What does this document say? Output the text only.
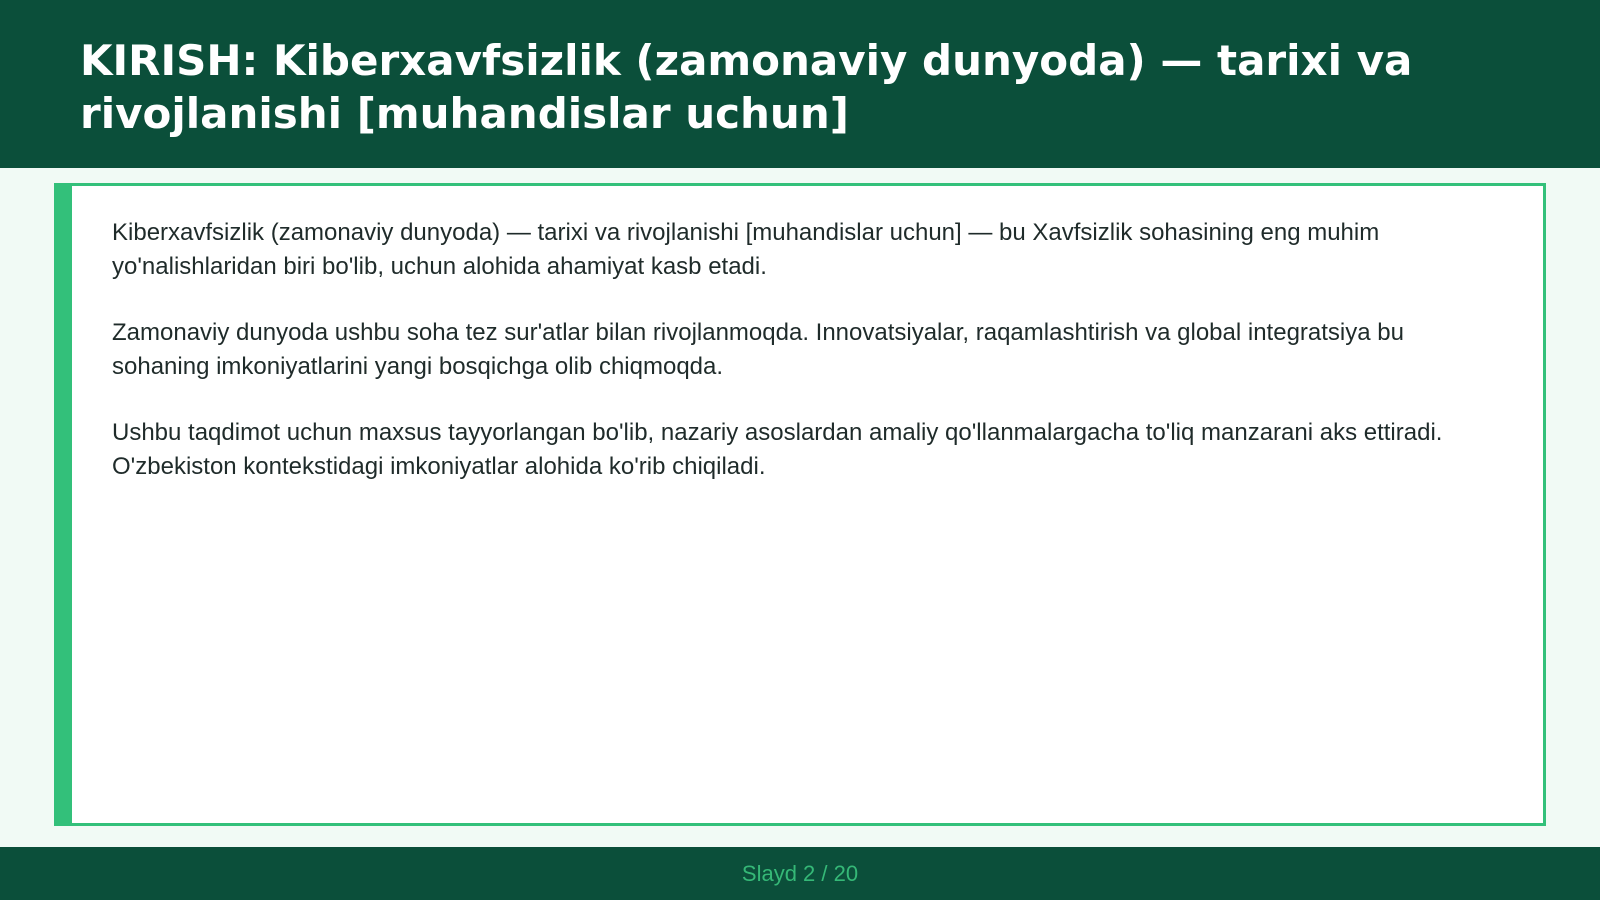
KIRISH: Kiberxavfsizlik (zamonaviy dunyoda) — tarixi va rivojlanishi [muhandislar uchun]

Kiberxavfsizlik (zamonaviy dunyoda) — tarixi va rivojlanishi [muhandislar uchun] — bu Xavfsizlik sohasining eng muhim yo'nalishlaridan biri bo'lib, uchun alohida ahamiyat kasb etadi.

Zamonaviy dunyoda ushbu soha tez sur'atlar bilan rivojlanmoqda. Innovatsiyalar, raqamlashtirish va global integratsiya bu sohaning imkoniyatlarini yangi bosqichga olib chiqmoqda.

Ushbu taqdimot uchun maxsus tayyorlangan bo'lib, nazariy asoslardan amaliy qo'llanmalargacha to'liq manzarani aks ettiradi. O'zbekiston kontekstidagi imkoniyatlar alohida ko'rib chiqiladi.

Slayd 2 / 20
